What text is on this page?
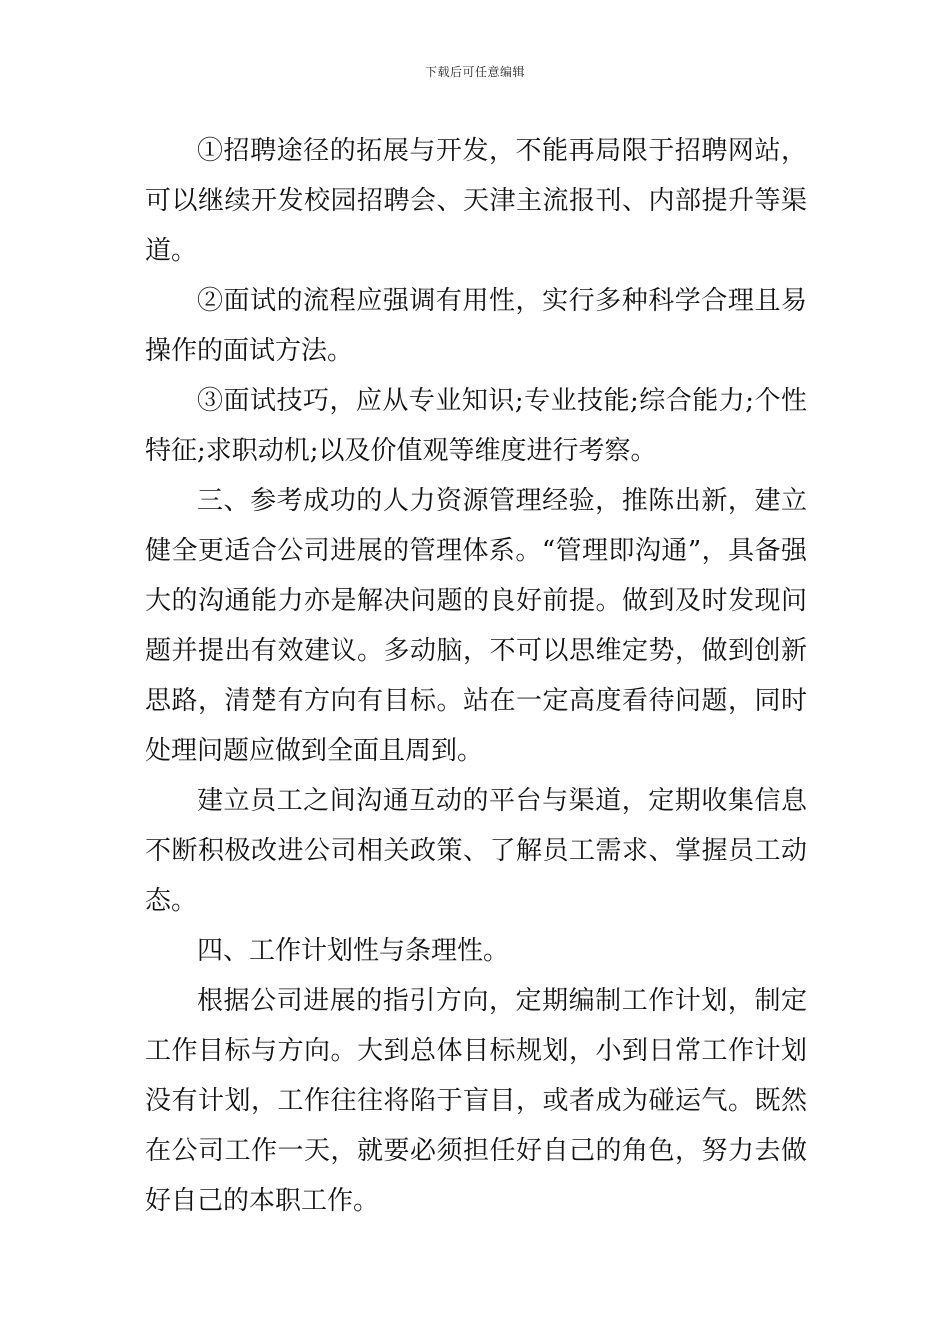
下载后可任意编辑

①招聘途径的拓展与开发，不能再局限于招聘网站，可以继续开发校园招聘会、天津主流报刊、内部提升等渠道。

②面试的流程应强调有用性，实行多种科学合理且易操作的面试方法。

③面试技巧，应从专业知识;专业技能;综合能力;个性特征;求职动机;以及价值观等维度进行考察。

三、参考成功的人力资源管理经验，推陈出新，建立健全更适合公司进展的管理体系。“管理即沟通”，具备强大的沟通能力亦是解决问题的良好前提。做到及时发现问题并提出有效建议。多动脑，不可以思维定势，做到创新思路，清楚有方向有目标。站在一定高度看待问题，同时处理问题应做到全面且周到。

建立员工之间沟通互动的平台与渠道，定期收集信息不断积极改进公司相关政策、了解员工需求、掌握员工动态。

四、工作计划性与条理性。

根据公司进展的指引方向，定期编制工作计划，制定工作目标与方向。大到总体目标规划，小到日常工作计划没有计划，工作往往将陷于盲目，或者成为碰运气。既然在公司工作一天，就要必须担任好自己的角色，努力去做好自己的本职工作。
